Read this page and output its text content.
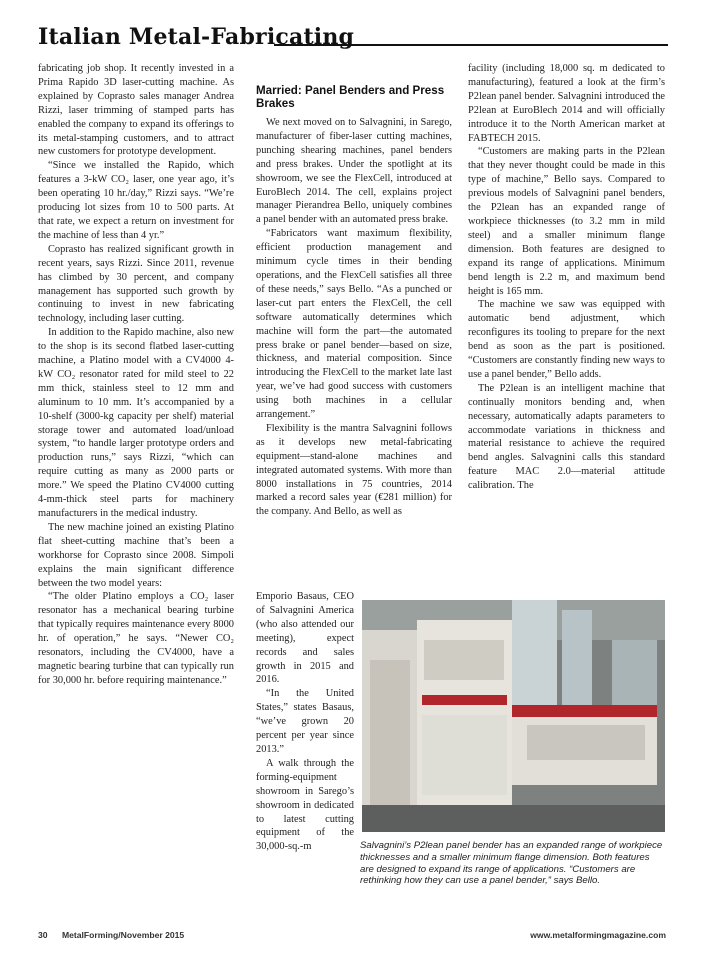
Italian Metal-Fabricating

fabricating job shop. It recently invested in a Prima Rapido 3D laser-cutting machine. As explained by Coprasto sales manager Andrea Rizzi, laser trimming of stamped parts has enabled the company to expand its offerings to its metal-stamping customers, and to attract new customers for prototype development.

“Since we installed the Rapido, which features a 3-kW CO₂ laser, one year ago, it’s been operating 10 hr./day,” Rizzi says. “We’re producing lot sizes from 10 to 500 parts. At that rate, we expect a return on investment for the machine of less than 4 yr.”

Coprasto has realized significant growth in recent years, says Rizzi. Since 2011, revenue has climbed by 30 percent, and company management has supported such growth by continuing to invest in new fabricating technology, including laser cutting.

In addition to the Rapido machine, also new to the shop is its second flatbed laser-cutting machine, a Platino model with a CV4000 4-kW CO₂ resonator rated for mild steel to 22 mm thick, stainless steel to 12 mm and aluminum to 10 mm. It’s accompanied by a 10-shelf (3000-kg capacity per shelf) material storage tower and automated load/unload system, “to handle larger prototype orders and production runs,” says Rizzi, “which can require cutting as many as 2000 parts or more.” We speed the Platino CV4000 cutting 4-mm-thick steel parts for machinery manufacturers in the medical industry.

The new machine joined an existing Platino flat sheet-cutting machine that’s been a workhorse for Coprasto since 2008. Simpoli explains the main significant difference between the two model years:

“The older Platino employs a CO₂ laser resonator has a mechanical bearing turbine that typically requires maintenance every 8000 hr. of operation,” he says. “Newer CO₂ resonators, including the CV4000, have a magnetic bearing turbine that can typically run for 30,000 hr. before requiring maintenance.”

Married: Panel Benders and Press Brakes

We next moved on to Salvagnini, in Sarego, manufacturer of fiber-laser cutting machines, punching shearing machines, panel benders and press brakes. Under the spotlight at its showroom, we see the FlexCell, introduced at EuroBlech 2014. The cell, explains project manager Pierandrea Bello, uniquely combines a panel bender with an automated press brake.

“Fabricators want maximum flexibility, efficient production management and minimum cycle times in their bending operations, and the FlexCell satisfies all three of these needs,” says Bello. “As a punched or laser-cut part enters the FlexCell, the cell software automatically determines which machine will form the part—the automated press brake or panel bender—based on size, thickness, and material composition. Since introducing the FlexCell to the market late last year, we’ve had good success with customers using both machines in a cellular arrangement.”

Flexibility is the mantra Salvagnini follows as it develops new metal-fabricating equipment—stand-alone machines and integrated automated systems. With more than 8000 installations in 75 countries, 2014 marked a record sales year (€281 million) for the company. And Bello, as well as

Emporio Basaus, CEO of Salvagnini America (who also attended our meeting), expect records and sales growth in 2015 and 2016.

“In the United States,” states Basaus, “we’ve grown 20 percent per year since 2013.”

A walk through the forming-equipment showroom in Sarego’s showroom in dedicated to latest cutting equipment of the 30,000-sq.-m

facility (including 18,000 sq. m dedicated to manufacturing), featured a look at the firm’s P2lean panel bender. Salvagnini introduced the P2lean at EuroBlech 2014 and will officially introduce it to the North American market at FABTECH 2015.

“Customers are making parts in the P2lean that they never thought could be made in this type of machine,” Bello says. Compared to previous models of Salvagnini panel benders, the P2lean has an expanded range of workpiece thicknesses (to 3.2 mm in mild steel) and a smaller minimum flange dimension. Both features are designed to expand its range of applications. Minimum bend length is 2.2 m, and maximum bend height is 165 mm.

The machine we saw was equipped with automatic bend adjustment, which reconfigures its tooling to prepare for the next bend as soon as the part is positioned. “Customers are constantly finding new ways to use a panel bender,” Bello adds.

The P2lean is an intelligent machine that continually monitors bending and, when necessary, automatically adapts parameters to accommodate variations in thickness and material resistance to achieve the required bend angles. Salvagnini calls this standard feature MAC 2.0—material attitude calibration. The

Salvagnini’s P2lean panel bender has an expanded range of workpiece thicknesses and a smaller minimum flange dimension. Both features are designed to expand its range of applications. “Customers are rethinking how they can use a panel bender,” says Bello.
30 MetalForming/November 2015	www.metalformingmagazine.com
